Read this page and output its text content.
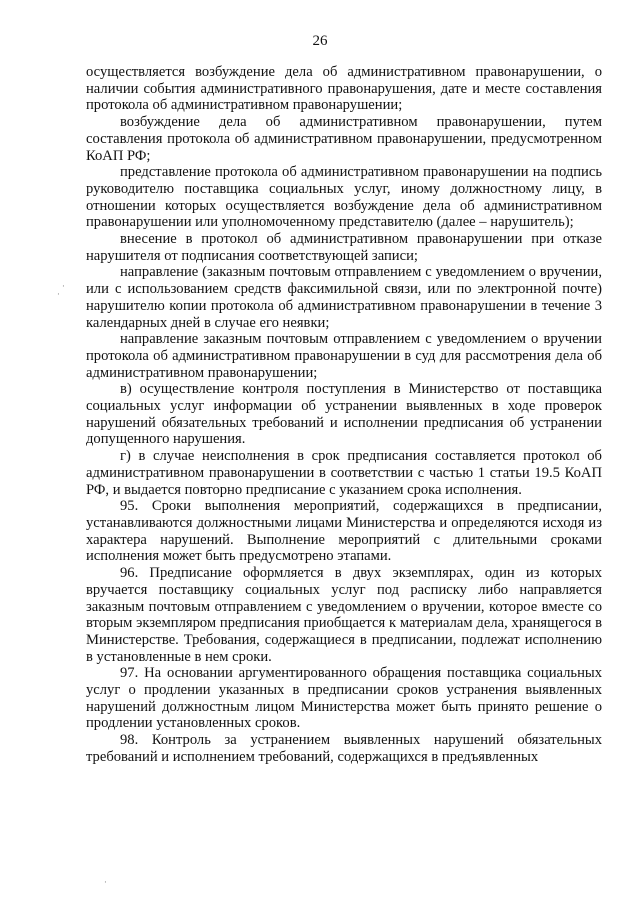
26

осуществляется возбуждение дела об административном правонарушении, о наличии события административного правонарушения, дате и месте составления протокола об административном правонарушении;

возбуждение дела об административном правонарушении, путем составления протокола об административном правонарушении, предусмотренном КоАП РФ;

представление протокола об административном правонарушении на подпись руководителю поставщика социальных услуг, иному должностному лицу, в отношении которых осуществляется возбуждение дела об административном правонарушении или уполномоченному представителю (далее – нарушитель);

внесение в протокол об административном правонарушении при отказе нарушителя от подписания соответствующей записи;

направление (заказным почтовым отправлением с уведомлением о вручении, или с использованием средств факсимильной связи, или по электронной почте) нарушителю копии протокола об административном правонарушении в течение 3 календарных дней в случае его неявки;

направление заказным почтовым отправлением с уведомлением о вручении протокола об административном правонарушении в суд для рассмотрения дела об административном правонарушении;

в) осуществление контроля поступления в Министерство от поставщика социальных услуг информации об устранении выявленных в ходе проверок нарушений обязательных требований и исполнении предписания об устранении допущенного нарушения.

г) в случае неисполнения в срок предписания составляется протокол об административном правонарушении в соответствии с частью 1 статьи 19.5 КоАП РФ, и выдается повторно предписание с указанием срока исполнения.

95. Сроки выполнения мероприятий, содержащихся в предписании, устанавливаются должностными лицами Министерства и определяются исходя из характера нарушений. Выполнение мероприятий с длительными сроками исполнения может быть предусмотрено этапами.

96. Предписание оформляется в двух экземплярах, один из которых вручается поставщику социальных услуг под расписку либо направляется заказным почтовым отправлением с уведомлением о вручении, которое вместе со вторым экземпляром предписания приобщается к материалам дела, хранящегося в Министерстве. Требования, содержащиеся в предписании, подлежат исполнению в установленные в нем сроки.

97. На основании аргументированного обращения поставщика социальных услуг о продлении указанных в предписании сроков устранения выявленных нарушений должностным лицом Министерства может быть принято решение о продлении установленных сроков.

98. Контроль за устранением выявленных нарушений обязательных требований и исполнением требований, содержащихся в предъявленных

·
·
·
